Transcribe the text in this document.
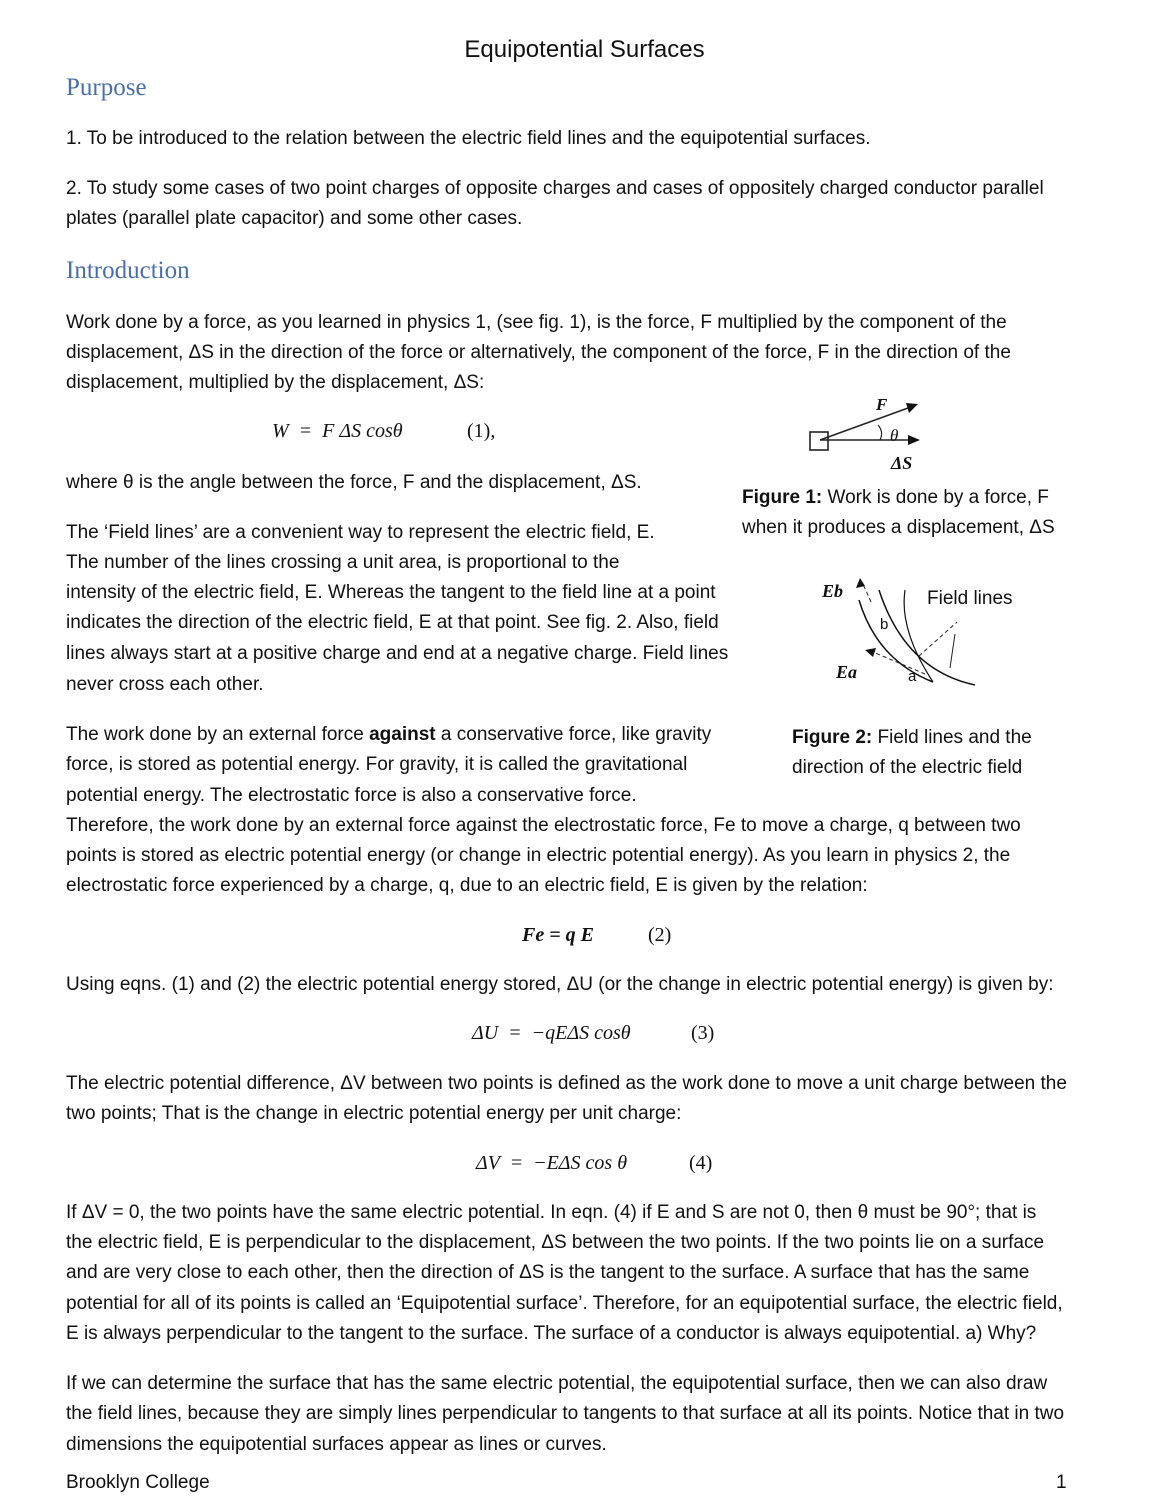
Equipotential Surfaces
Purpose
1. To be introduced to the relation between the electric field lines and the equipotential surfaces.
2. To study some cases of two point charges of opposite charges and cases of oppositely charged conductor parallel
plates (parallel plate capacitor) and some other cases.
Introduction
Work done by a force, as you learned in physics 1, (see fig. 1), is the force, F multiplied by the component of the
displacement, ΔS in the direction of the force or alternatively, the component of the force, F in the direction of the
displacement, multiplied by the displacement, ΔS:
W  =  F ΔS cosθ	(1),
F
θ
ΔS
where θ is the angle between the force, F and the displacement, ΔS.
Figure 1: Work is done by a force, F
when it produces a displacement, ΔS
The ‘Field lines’ are a convenient way to represent the electric field, E.
The number of the lines crossing a unit area, is proportional to the
intensity of the electric field, E. Whereas the tangent to the field line at a point
indicates the direction of the electric field, E at that point. See fig. 2. Also, field
lines always start at a positive charge and end at a negative charge. Field lines
never cross each other.
Eb
b
Ea	a
Field lines
The work done by an external force against a conservative force, like gravity	Figure 2: Field lines and the
direction of the electric field
force, is stored as potential energy. For gravity, it is called the gravitational
potential energy. The electrostatic force is also a conservative force.
Therefore, the work done by an external force against the electrostatic force, Fe to move a charge, q between two
points is stored as electric potential energy (or change in electric potential energy). As you learn in physics 2, the
electrostatic force experienced by a charge, q, due to an electric field, E is given by the relation:
Fe = q E	(2)
Using eqns. (1) and (2) the electric potential energy stored, ΔU (or the change in electric potential energy) is given by:
ΔU  =  −qEΔS cosθ	(3)
The electric potential difference, ΔV between two points is defined as the work done to move a unit charge between the
two points; That is the change in electric potential energy per unit charge:
ΔV  =  −EΔS cos θ	(4)
If ΔV = 0, the two points have the same electric potential. In eqn. (4) if E and S are not 0, then θ must be 90°; that is
the electric field, E is perpendicular to the displacement, ΔS between the two points. If the two points lie on a surface
and are very close to each other, then the direction of ΔS is the tangent to the surface. A surface that has the same
potential for all of its points is called an ‘Equipotential surface’. Therefore, for an equipotential surface, the electric field,
E is always perpendicular to the tangent to the surface. The surface of a conductor is always equipotential. a) Why?
If we can determine the surface that has the same electric potential, the equipotential surface, then we can also draw
the field lines, because they are simply lines perpendicular to tangents to that surface at all its points. Notice that in two
dimensions the equipotential surfaces appear as lines or curves.
Brooklyn College	1
